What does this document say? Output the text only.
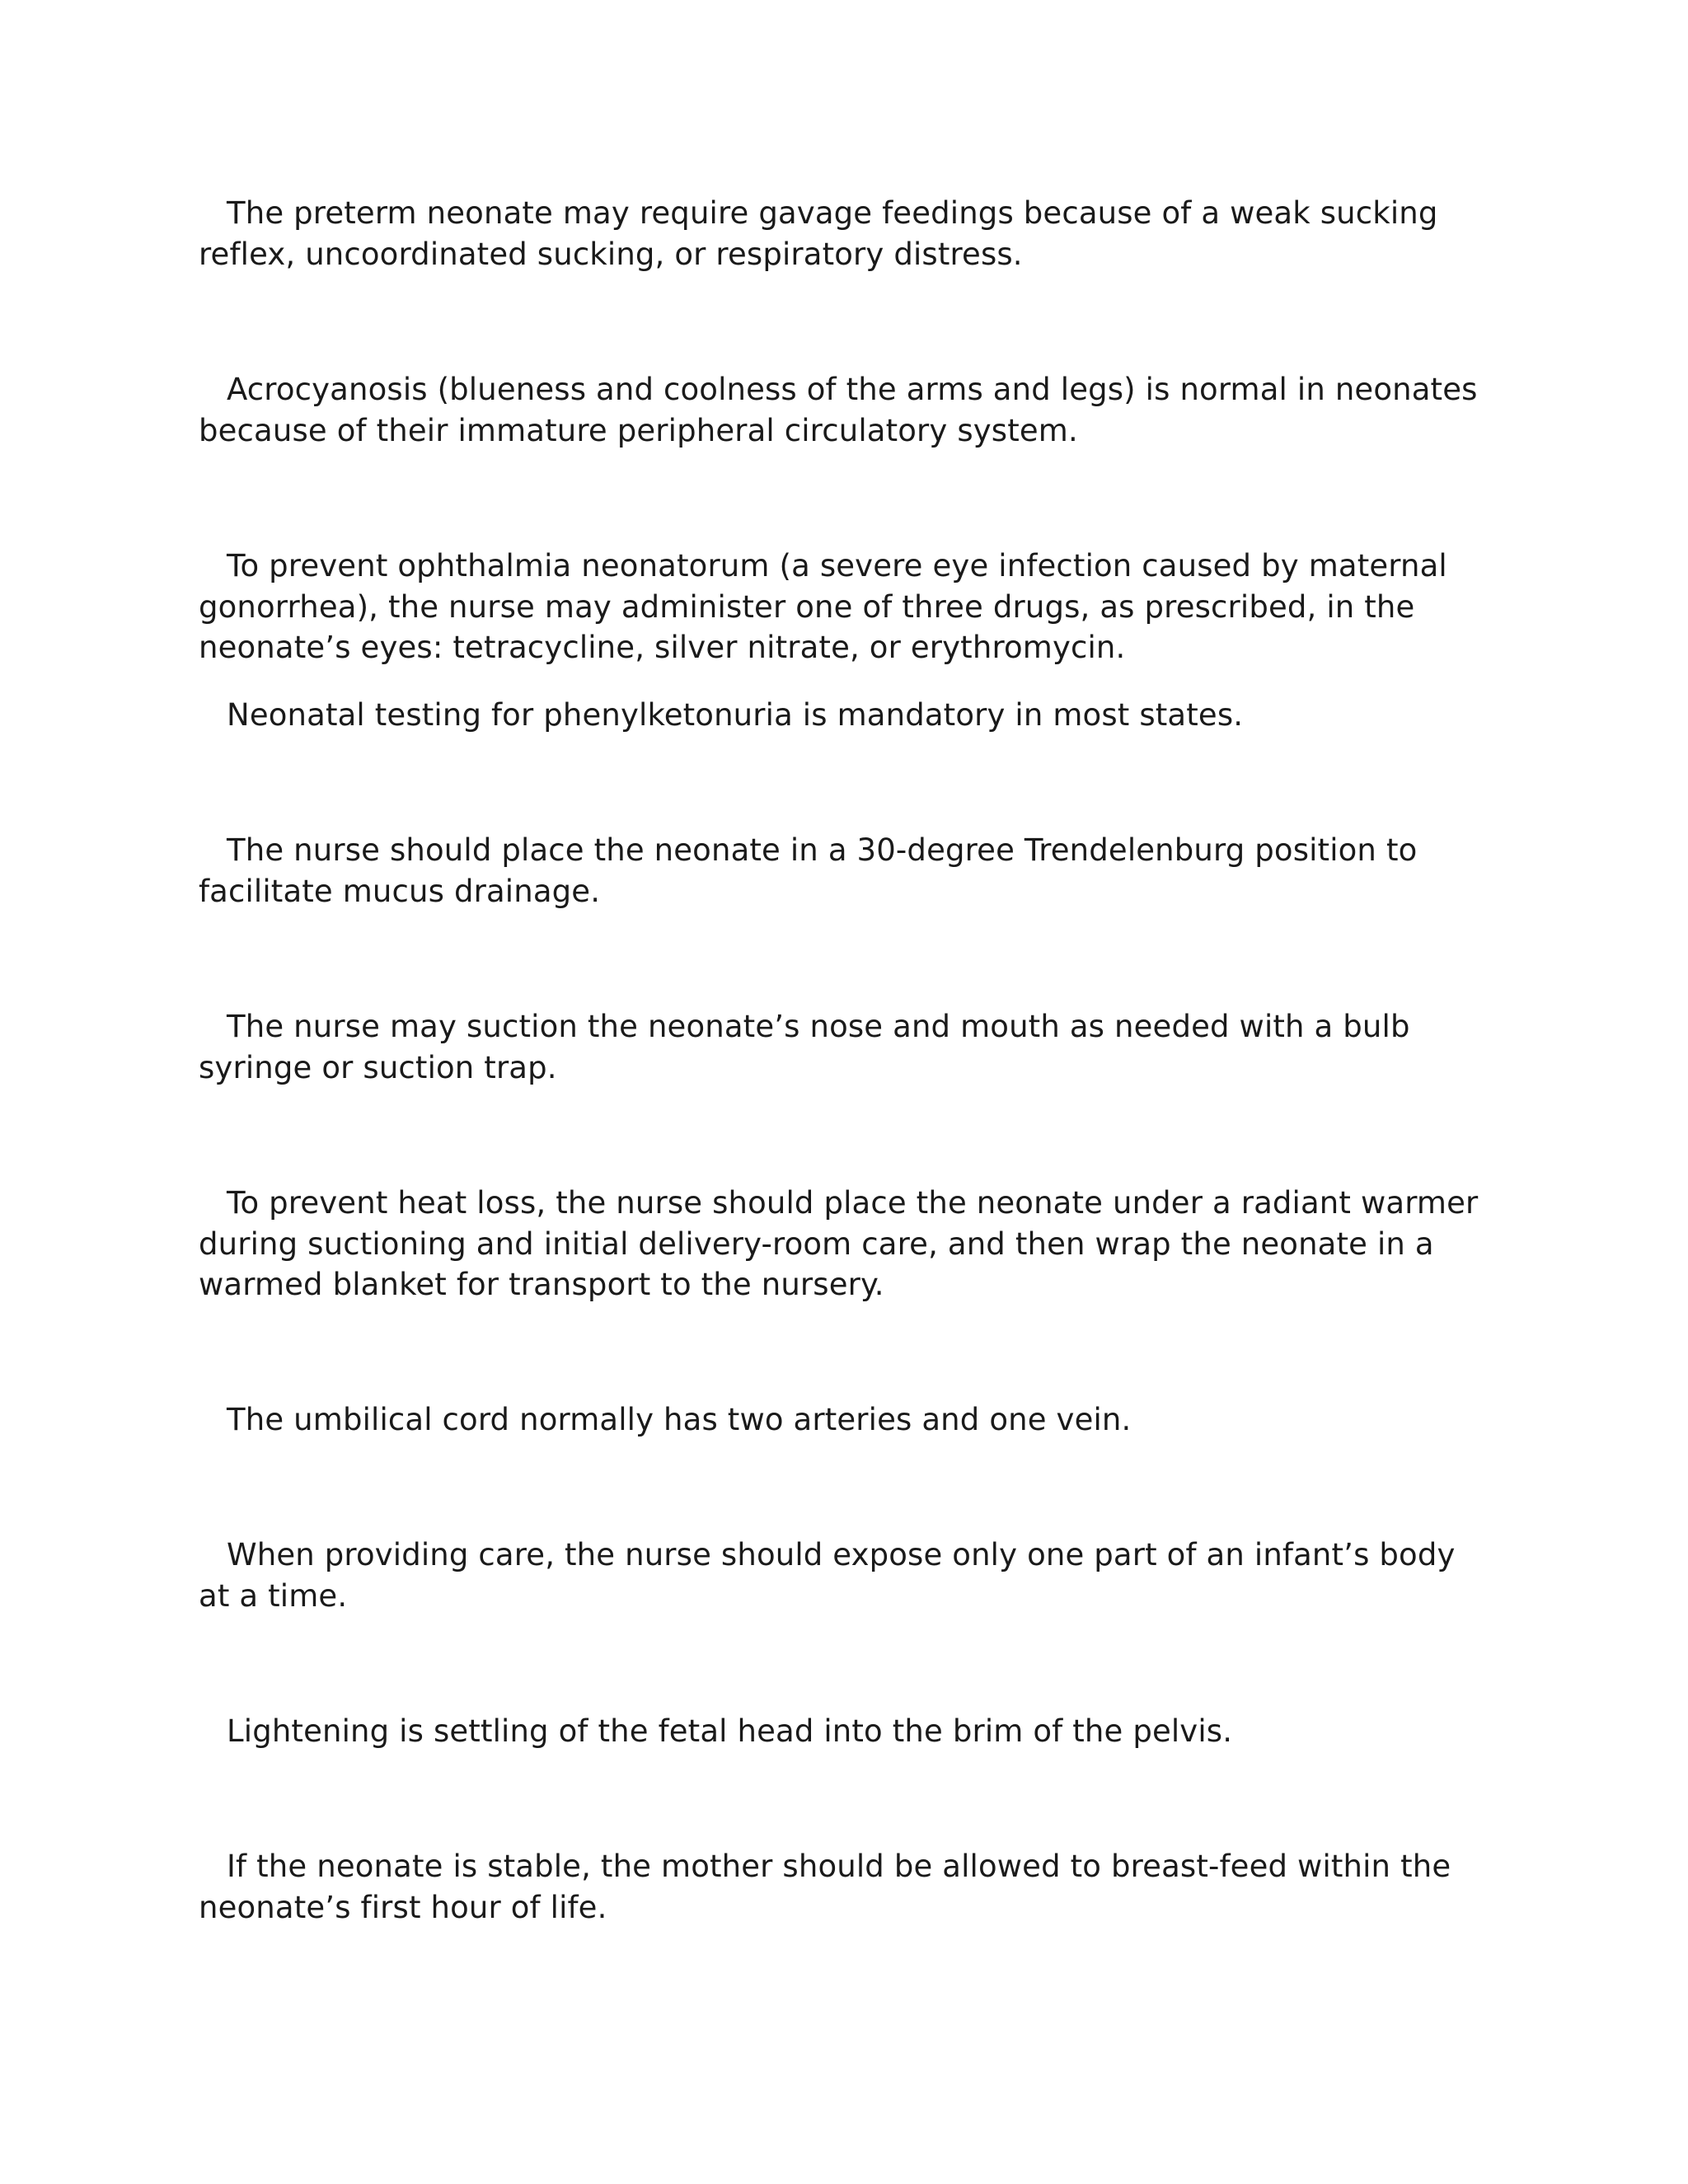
The preterm neonate may require gavage feedings because of a weak sucking reflex, uncoordinated sucking, or respiratory distress.

Acrocyanosis (blueness and coolness of the arms and legs) is normal in neonates because of their immature peripheral circulatory system.

To prevent ophthalmia neonatorum (a severe eye infection caused by maternal gonorrhea), the nurse may administer one of three drugs, as prescribed, in the neonate’s eyes: tetracycline, silver nitrate, or erythromycin.

Neonatal testing for phenylketonuria is mandatory in most states.

The nurse should place the neonate in a 30-degree Trendelenburg position to facilitate mucus drainage.

The nurse may suction the neonate’s nose and mouth as needed with a bulb syringe or suction trap.

To prevent heat loss, the nurse should place the neonate under a radiant warmer during suctioning and initial delivery-room care, and then wrap the neonate in a warmed blanket for transport to the nursery.

The umbilical cord normally has two arteries and one vein.

When providing care, the nurse should expose only one part of an infant’s body at a time.

Lightening is settling of the fetal head into the brim of the pelvis.

If the neonate is stable, the mother should be allowed to breast-feed within the neonate’s first hour of life.
